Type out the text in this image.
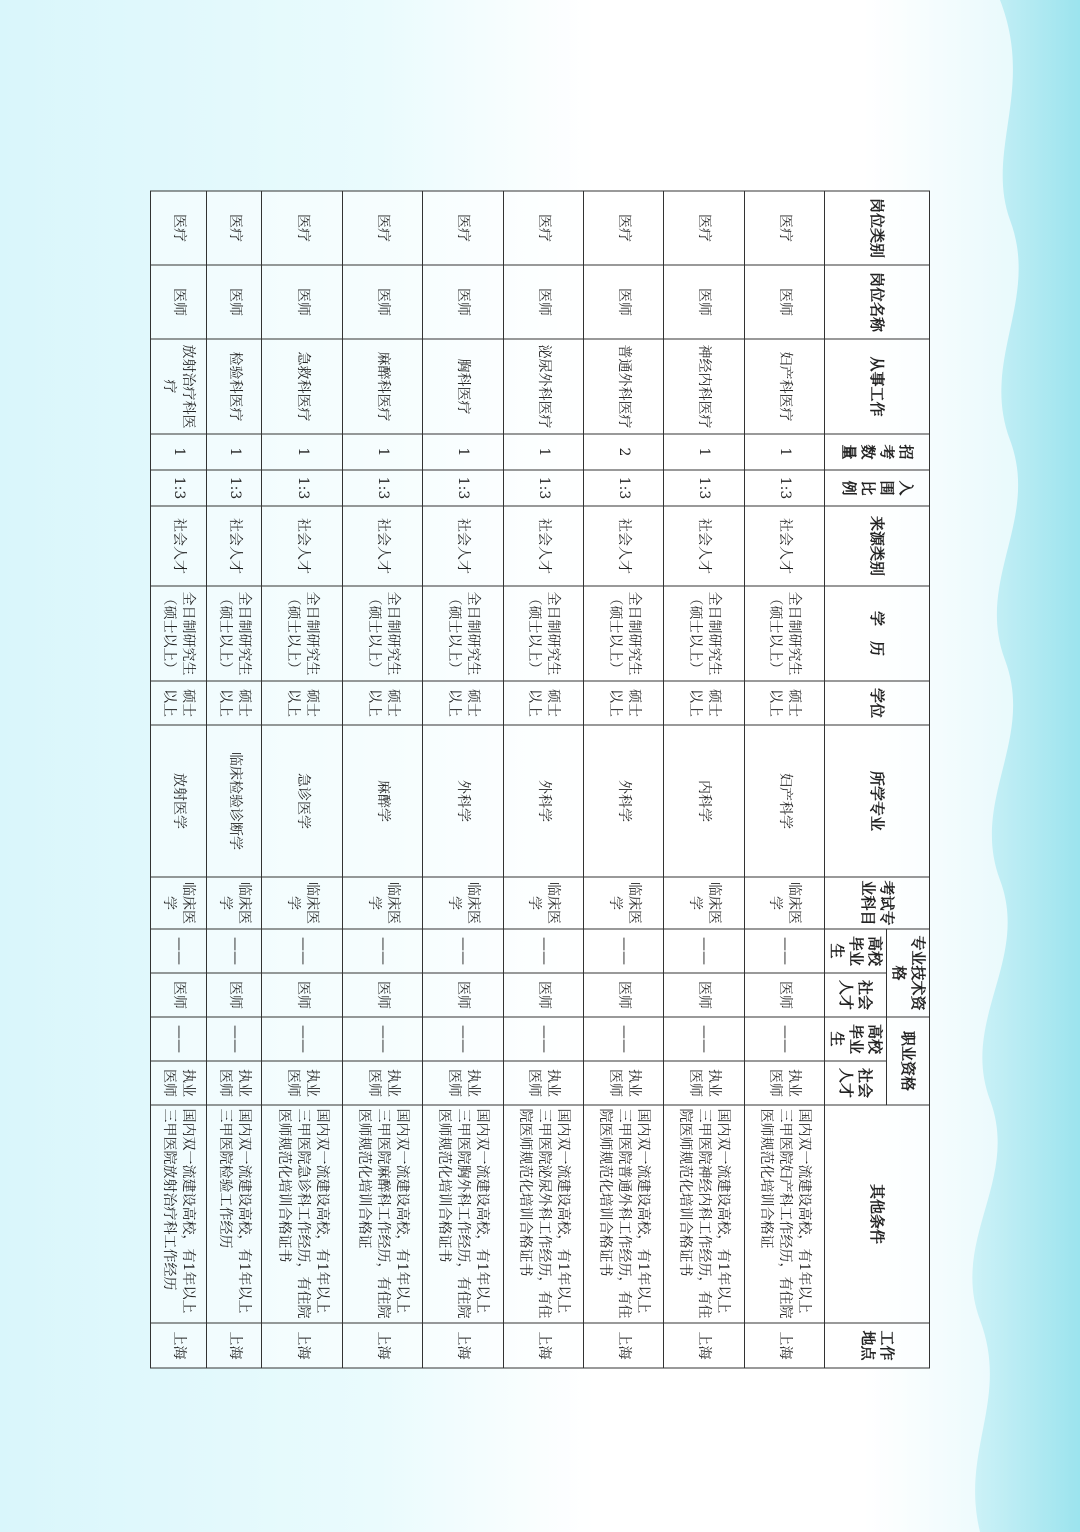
岗位类别	岗位名称	从事工作	招考数量	入围比例	来源类别	学　历	学位	所学专业	考试专业科目	专业技术资格		职业资格		其他条件	工作地点
										高校毕业生	社会人才	高校毕业生	社会人才		
医疗	医师	妇产科医疗	1	1:3	社会人才	全日制研究生（硕士以上）	硕士以上	妇产科学	临床医学	——	医师	——	执业医师	国内双一流建设高校，有1年以上三甲医院妇产科工作经历，有住院医师规范化培训合格证	上海
医疗	医师	神经内科医疗	1	1:3	社会人才	全日制研究生（硕士以上）	硕士以上	内科学	临床医学	——	医师	——	执业医师	国内双一流建设高校，有1年以上三甲医院神经内科工作经历，有住院医师规范化培训合格证书	上海
医疗	医师	普通外科医疗	2	1:3	社会人才	全日制研究生（硕士以上）	硕士以上	外科学	临床医学	——	医师	——	执业医师	国内双一流建设高校，有1年以上三甲医院普通外科工作经历，有住院医师规范化培训合格证书	上海
医疗	医师	泌尿外科医疗	1	1:3	社会人才	全日制研究生（硕士以上）	硕士以上	外科学	临床医学	——	医师	——	执业医师	国内双一流建设高校，有1年以上三甲医院泌尿外科工作经历，有住院医师规范化培训合格证书	上海
医疗	医师	胸科医疗	1	1:3	社会人才	全日制研究生（硕士以上）	硕士以上	外科学	临床医学	——	医师	——	执业医师	国内双一流建设高校，有1年以上三甲医院胸外科工作经历，有住院医师规范化培训合格证书	上海
医疗	医师	麻醉科医疗	1	1:3	社会人才	全日制研究生（硕士以上）	硕士以上	麻醉学	临床医学	——	医师	——	执业医师	国内双一流建设高校，有1年以上三甲医院麻醉科工作经历，有住院医师规范化培训合格证	上海
医疗	医师	急救科医疗	1	1:3	社会人才	全日制研究生（硕士以上）	硕士以上	急诊医学	临床医学	——	医师	——	执业医师	国内双一流建设高校，有1年以上三甲医院急诊科工作经历，有住院医师规范化培训合格证书	上海
医疗	医师	检验科医疗	1	1:3	社会人才	全日制研究生（硕士以上）	硕士以上	临床检验诊断学	临床医学	——	医师	——	执业医师	国内双一流建设高校，有1年以上三甲医院检验工作经历	上海
医疗	医师	放射治疗科医疗	1	1:3	社会人才	全日制研究生（硕士以上）	硕士以上	放射医学	临床医学	——	医师	——	执业医师	国内双一流建设高校，有1年以上三甲医院放射治疗科工作经历	上海
